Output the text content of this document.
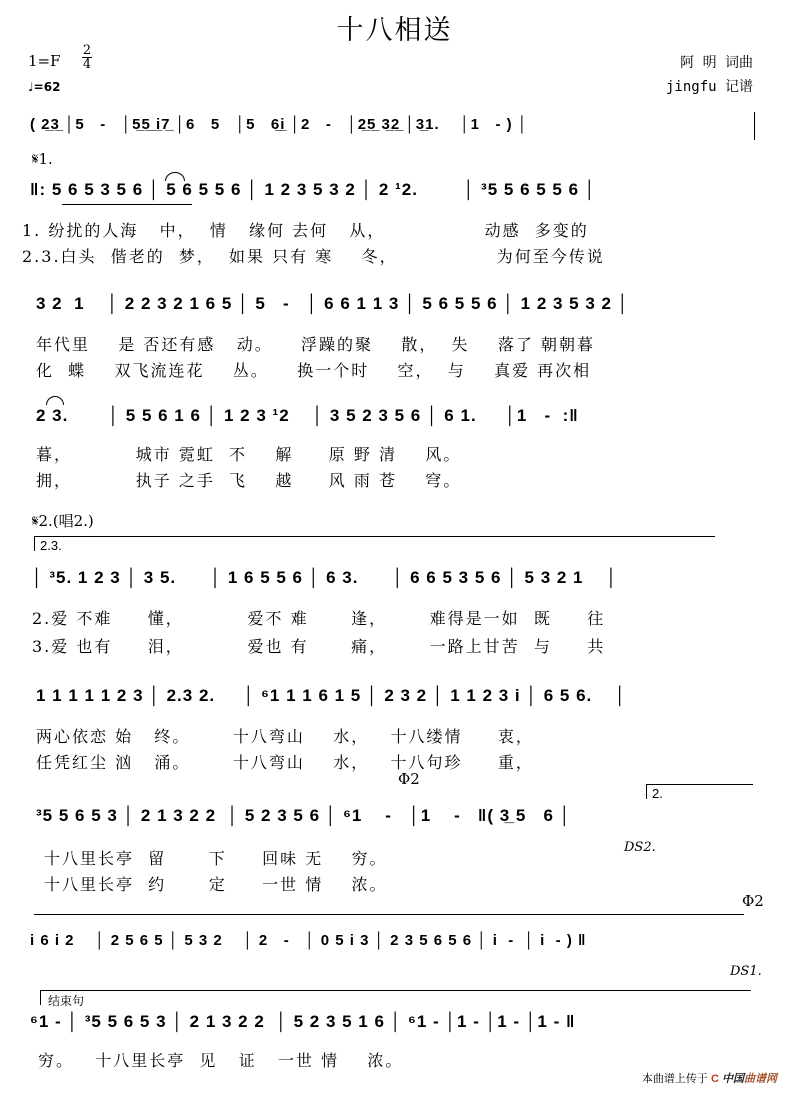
十八相送
1=F
2
4
♩=62
阿 明 词曲
jingfu 记谱
( 2̲3̲ │5   -   │5̲5̲ i̲7̲ │6   5   │5   6̲i̲ │2   -   │2̲5̲ 3̲2̲ │3̲1.    │1   - ) │
𝄋1.
‖: 5 6 5 3 5 6 │ 5 6 5 5 6 │ 1 2 3 5 3 2 │ 2 ¹2.        │ ³5 5 6 5 5 6 │
1. 纷扰的人海   中，  情   缘何 去何   从，              动感  多变的
2.3.白头  偕老的  梦，  如果 只有 寒    冬，              为何至今传说
3 2  1    │ 2 2 3 2 1 6 5 │ 5   -   │ 6 6 1 1 3 │ 5 6 5 5 6 │ 1 2 3 5 3 2 │
年代里    是 否还有感   动。    浮躁的聚    散，  失    落了 朝朝暮
化  蝶    双飞流连花    丛。    换一个时    空，  与    真爱 再次相
2 3.       │ 5 5 6 1 6 │ 1 2 3 ¹2    │ 3 5 2 3 5 6 │ 6 1.     │1   -  :‖
暮，         城市 霓虹  不    解     原 野 清    风。
拥，         执子 之手  飞    越     风 雨 苍    穹。
𝄋2.(唱2.)
2.3.
│ ³5. 1 2 3 │ 3 5.      │ 1 6 5 5 6 │ 6 3.      │ 6 6 5 3 5 6 │ 5 3 2 1    │
2.爱 不难     懂，         爱不 难      逢，      难得是一如  既     往
3.爱 也有     泪，         爱也 有      痛，      一路上甘苦  与     共
1 1 1 1 1 2 3 │ 2.3 2.     │ ⁶1 1 1 6 1 5 │ 2 3 2 │ 1 1 2 3 i │ 6 5 6.    │
两心依恋 始   终。      十八弯山    水，   十八缕情     衷，
任凭红尘 汹   涌。      十八弯山    水，   十八句珍     重，
Φ2
2.
³5 5 6 5 3 │ 2 1 3 2 2  │ 5 2 3 5 6 │ ⁶1    -   │1    -   ‖( 3̲ 5   6 │
十八里长亭  留      下     回味 无    穷。
十八里长亭  约      定     一世 情    浓。
DS2.
Φ2
i 6 i 2    │ 2 5 6 5 │ 5 3 2    │ 2   -   │ 0 5 i 3 │ 2 3 5 6 5 6 │ i  -  │ i  - ) ‖
DS1.
结束句
⁶1 - │ ³5 5 6 5 3 │ 2 1 3 2 2  │ 5 2 3 5 1 6 │ ⁶1 - │1 - │1 - │1 - ‖
穷。   十八里长亭  见   证   一世 情    浓。
本曲谱上传于 C 中国曲谱网
